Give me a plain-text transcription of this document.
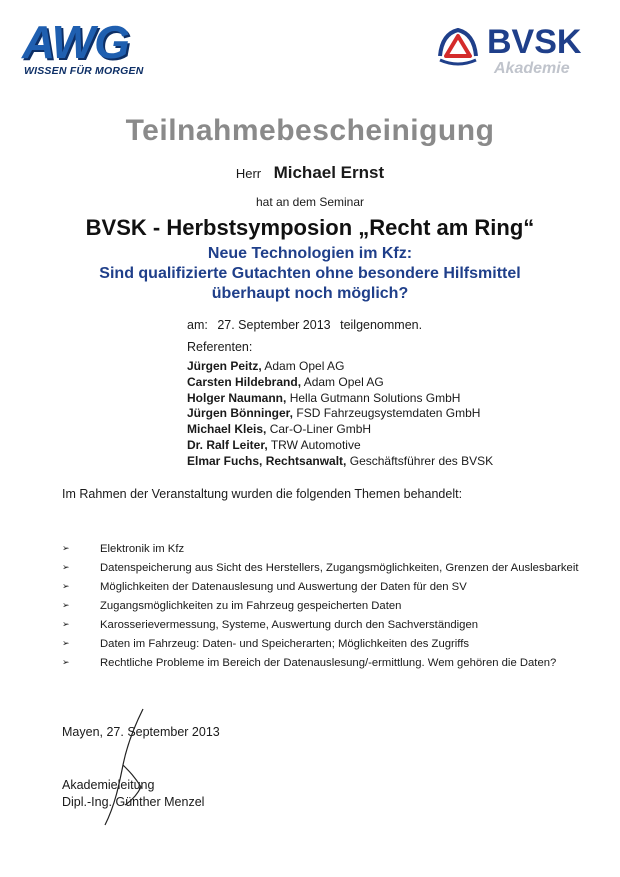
AWG
WISSEN FÜR MORGEN
BVSK
Akademie
Teilnahmebescheinigung
Herr Michael Ernst
hat an dem Seminar
BVSK - Herbstsymposion „Recht am Ring“
Neue Technologien im Kfz:
Sind qualifizierte Gutachten ohne besondere Hilfsmittel
überhaupt noch möglich?
am: 27. September 2013 teilgenommen.
Referenten:
Jürgen Peitz, Adam Opel AG
Carsten Hildebrand, Adam Opel AG
Holger Naumann, Hella Gutmann Solutions GmbH
Jürgen Bönninger, FSD Fahrzeugsystemdaten GmbH
Michael Kleis, Car-O-Liner GmbH
Dr. Ralf Leiter, TRW Automotive
Elmar Fuchs, Rechtsanwalt, Geschäftsführer des BVSK
Im Rahmen der Veranstaltung wurden die folgenden Themen behandelt:
➢	Elektronik im Kfz
➢	Datenspeicherung aus Sicht des Herstellers, Zugangsmöglichkeiten, Grenzen der Auslesbarkeit
➢	Möglichkeiten der Datenauslesung und Auswertung der Daten für den SV
➢	Zugangsmöglichkeiten zu im Fahrzeug gespeicherten Daten
➢	Karosserievermessung, Systeme, Auswertung durch den Sachverständigen
➢	Daten im Fahrzeug: Daten- und Speicherarten; Möglichkeiten des Zugriffs
➢	Rechtliche Probleme im Bereich der Datenauslesung/-ermittlung. Wem gehören die Daten?
Mayen, 27. September 2013
Akademieleitung
Dipl.-Ing. Günther Menzel
